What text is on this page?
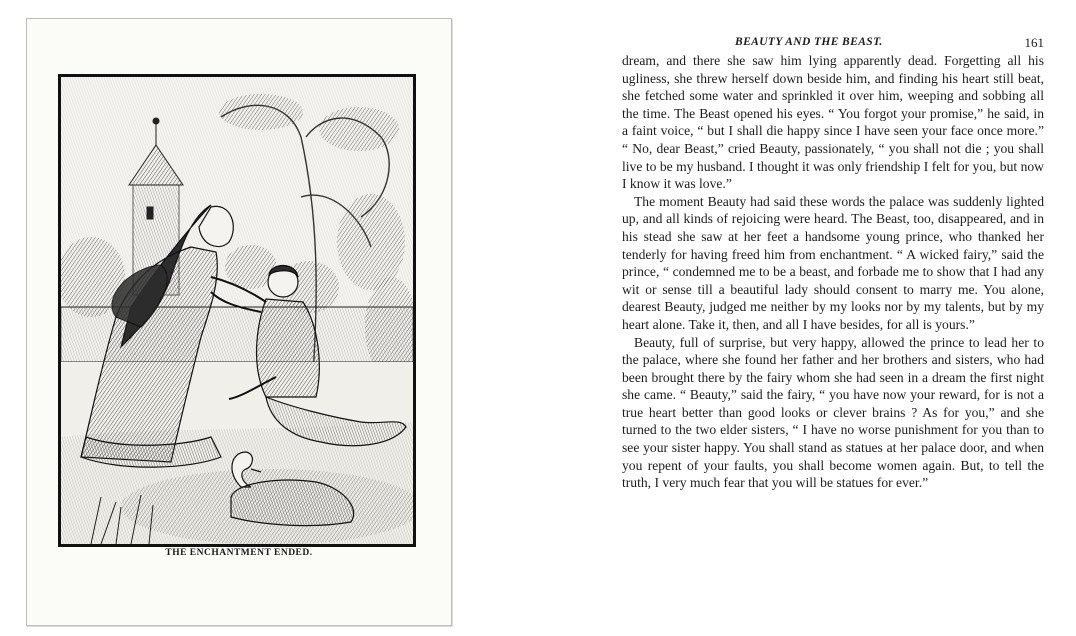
THE ENCHANTMENT ENDED.
BEAUTY AND THE BEAST.	161

dream, and there she saw him lying apparently dead. Forgetting all his ugliness, she threw herself down beside him, and finding his heart still beat, she fetched some water and sprinkled it over him, weeping and sobbing all the time. The Beast opened his eyes. “ You forgot your promise,” he said, in a faint voice, “ but I shall die happy since I have seen your face once more.” “ No, dear Beast,” cried Beauty, passionately, “ you shall not die ; you shall live to be my husband. I thought it was only friendship I felt for you, but now I know it was love.”

The moment Beauty had said these words the palace was suddenly lighted up, and all kinds of rejoicing were heard. The Beast, too, disappeared, and in his stead she saw at her feet a handsome young prince, who thanked her tenderly for having freed him from enchantment. “ A wicked fairy,” said the prince, “ condemned me to be a beast, and forbade me to show that I had any wit or sense till a beautiful lady should consent to marry me. You alone, dearest Beauty, judged me neither by my looks nor by my talents, but by my heart alone. Take it, then, and all I have besides, for all is yours.”

Beauty, full of surprise, but very happy, allowed the prince to lead her to the palace, where she found her father and her brothers and sisters, who had been brought there by the fairy whom she had seen in a dream the first night she came. “ Beauty,” said the fairy, “ you have now your reward, for is not a true heart better than good looks or clever brains ? As for you,” and she turned to the two elder sisters, “ I have no worse punishment for you than to see your sister happy. You shall stand as statues at her palace door, and when you repent of your faults, you shall become women again. But, to tell the truth, I very much fear that you will be statues for ever.”
